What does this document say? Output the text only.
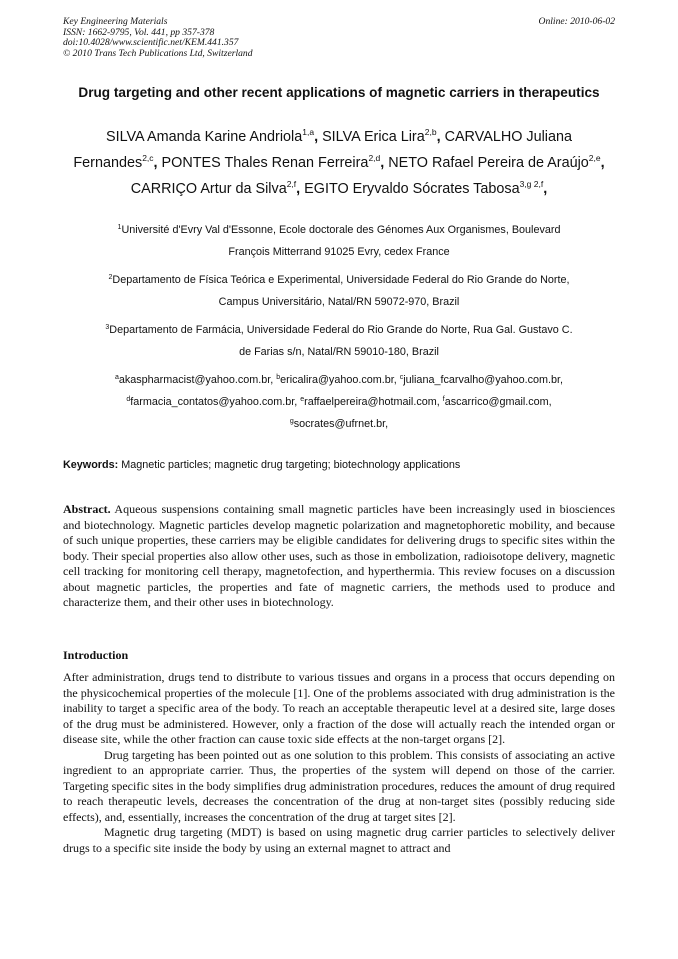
Key Engineering Materials
ISSN: 1662-9795, Vol. 441, pp 357-378
doi:10.4028/www.scientific.net/KEM.441.357
© 2010 Trans Tech Publications Ltd, Switzerland
Online: 2010-06-02
Drug targeting and other recent applications of magnetic carriers in therapeutics
SILVA Amanda Karine Andriola$^{1,a}$, SILVA Erica Lira$^{2,b}$, CARVALHO Juliana Fernandes$^{2,c}$, PONTES Thales Renan Ferreira$^{2,d}$, NETO Rafael Pereira de Araújo$^{2,e}$, CARRIÇO Artur da Silva$^{2,f}$, EGITO Eryvaldo Sócrates Tabosa$^{3,g 2,f}$,
$^1$Université d'Evry Val d'Essonne, Ecole doctorale des Génomes Aux Organismes, Boulevard
François Mitterrand 91025 Evry, cedex France
$^2$Departamento de Física Teórica e Experimental, Universidade Federal do Rio Grande do Norte,
Campus Universitário, Natal/RN 59072-970, Brazil
$^3$Departamento de Farmácia, Universidade Federal do Rio Grande do Norte, Rua Gal. Gustavo C.
de Farias s/n, Natal/RN 59010-180, Brazil
$^a$akaspharmacist@yahoo.com.br, $^b$ericalira@yahoo.com.br, $^c$juliana_fcarvalho@yahoo.com.br,
$^d$farmacia_contatos@yahoo.com.br, $^e$raffaelpereira@hotmail.com, $^f$ascarrico@gmail.com,
$^g$socrates@ufrnet.br,
Keywords: Magnetic particles; magnetic drug targeting; biotechnology applications
Abstract. Aqueous suspensions containing small magnetic particles have been increasingly used in biosciences and biotechnology. Magnetic particles develop magnetic polarization and magnetophoretic mobility, and because of such unique properties, these carriers may be eligible candidates for delivering drugs to specific sites within the body. Their special properties also allow other uses, such as those in embolization, radioisotope delivery, magnetic cell tracking for monitoring cell therapy, magnetofection, and hyperthermia. This review focuses on a discussion about magnetic particles, the properties and fate of magnetic carriers, the methods used to produce and characterize them, and their other uses in biotechnology.
Introduction
After administration, drugs tend to distribute to various tissues and organs in a process that occurs depending on the physicochemical properties of the molecule [1]. One of the problems associated with drug administration is the inability to target a specific area of the body. To reach an acceptable therapeutic level at a desired site, large doses of the drug must be administered. However, only a fraction of the dose will actually reach the intended organ or disease site, while the other fraction can cause toxic side effects at the non-target organs [2].
Drug targeting has been pointed out as one solution to this problem. This consists of associating an active ingredient to an appropriate carrier. Thus, the properties of the system will depend on those of the carrier. Targeting specific sites in the body simplifies drug administration procedures, reduces the amount of drug required to reach therapeutic levels, decreases the concentration of the drug at non-target sites (possibly reducing side effects), and, essentially, increases the concentration of the drug at target sites [2].
Magnetic drug targeting (MDT) is based on using magnetic drug carrier particles to selectively deliver drugs to a specific site inside the body by using an external magnet to attract and
